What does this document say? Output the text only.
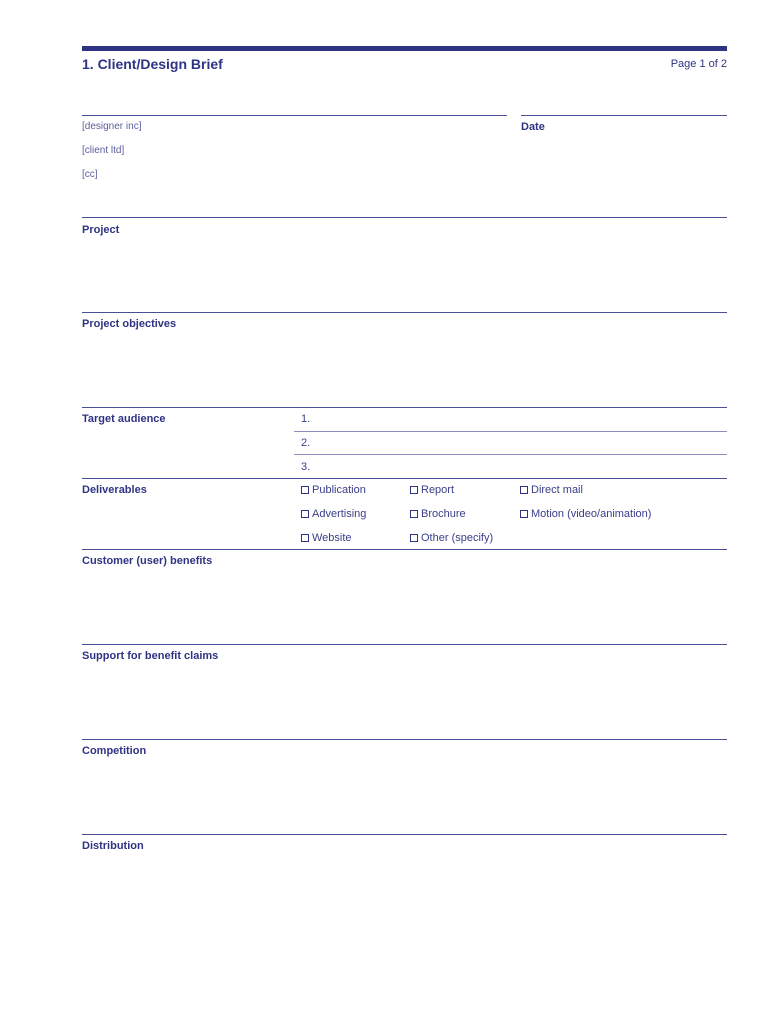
1. Client/Design Brief	Page 1 of 2
[designer inc]
[client ltd]
[cc]
Date
Project
Project objectives
Target audience	1.
2.
3.
Deliverables	Publication	Report	Direct mail
Advertising	Brochure	Motion (video/animation)
Website	Other (specify)
Customer (user) benefits
Support for benefit claims
Competition
Distribution
